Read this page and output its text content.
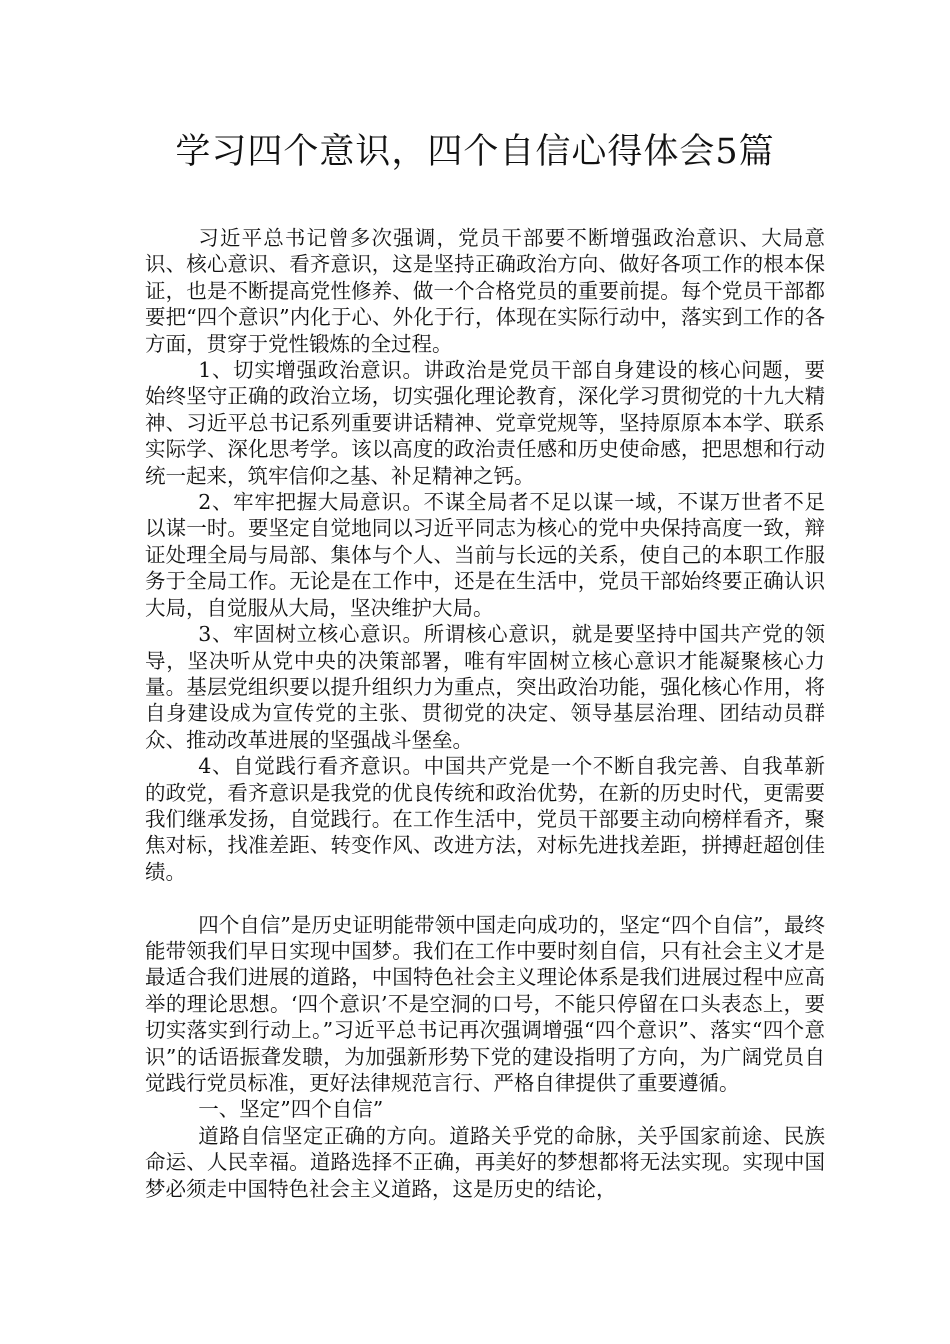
学习四个意识，四个自信心得体会5篇

习近平总书记曾多次强调，党员干部要不断增强政治意识、大局意识、核心意识、看齐意识，这是坚持正确政治方向、做好各项工作的根本保证，也是不断提高党性修养、做一个合格党员的重要前提。每个党员干部都要把“四个意识”内化于心、外化于行，体现在实际行动中，落实到工作的各方面，贯穿于党性锻炼的全过程。

1、切实增强政治意识。讲政治是党员干部自身建设的核心问题，要始终坚守正确的政治立场，切实强化理论教育，深化学习贯彻党的十九大精神、习近平总书记系列重要讲话精神、党章党规等，坚持原原本本学、联系实际学、深化思考学。该以高度的政治责任感和历史使命感，把思想和行动统一起来，筑牢信仰之基、补足精神之钙。

2、牢牢把握大局意识。不谋全局者不足以谋一域，不谋万世者不足以谋一时。要坚定自觉地同以习近平同志为核心的党中央保持高度一致，辩证处理全局与局部、集体与个人、当前与长远的关系，使自己的本职工作服务于全局工作。无论是在工作中，还是在生活中，党员干部始终要正确认识大局，自觉服从大局，坚决维护大局。

3、牢固树立核心意识。所谓核心意识，就是要坚持中国共产党的领导，坚决听从党中央的决策部署，唯有牢固树立核心意识才能凝聚核心力量。基层党组织要以提升组织力为重点，突出政治功能，强化核心作用，将自身建设成为宣传党的主张、贯彻党的决定、领导基层治理、团结动员群众、推动改革进展的坚强战斗堡垒。

4、自觉践行看齐意识。中国共产党是一个不断自我完善、自我革新的政党，看齐意识是我党的优良传统和政治优势，在新的历史时代，更需要我们继承发扬，自觉践行。在工作生活中，党员干部要主动向榜样看齐，聚焦对标，找准差距、转变作风、改进方法，对标先进找差距，拼搏赶超创佳绩。

四个自信”是历史证明能带领中国走向成功的，坚定“四个自信”，最终能带领我们早日实现中国梦。我们在工作中要时刻自信，只有社会主义才是最适合我们进展的道路，中国特色社会主义理论体系是我们进展过程中应高举的理论思想。‘四个意识’不是空洞的口号，不能只停留在口头表态上，要切实落实到行动上。”习近平总书记再次强调增强“四个意识”、落实“四个意识”的话语振聋发聩，为加强新形势下党的建设指明了方向，为广阔党员自觉践行党员标准，更好法律规范言行、严格自律提供了重要遵循。

一、坚定”四个自信”

道路自信坚定正确的方向。道路关乎党的命脉，关乎国家前途、民族命运、人民幸福。道路选择不正确，再美好的梦想都将无法实现。实现中国梦必须走中国特色社会主义道路，这是历史的结论，
